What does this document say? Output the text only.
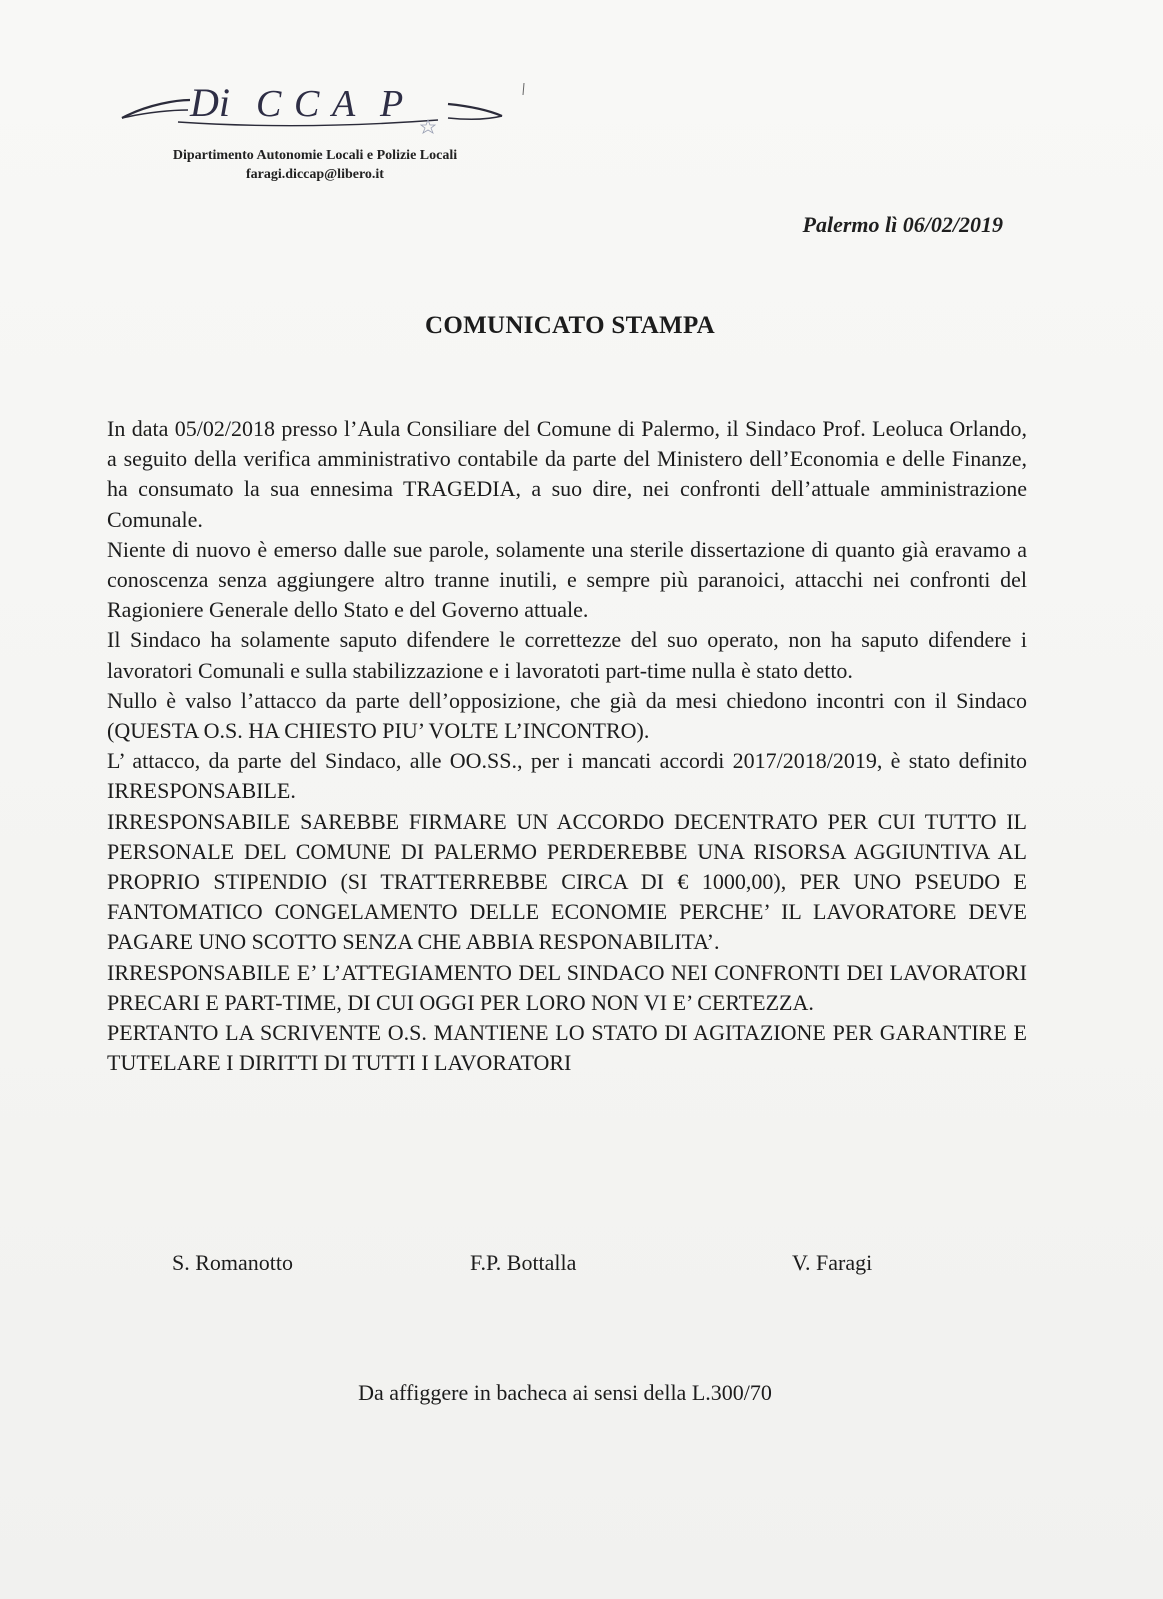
Di C C A P
Dipartimento Autonomie Locali e Polizie Locali
faragi.diccap@libero.it
Palermo lì 06/02/2019
COMUNICATO STAMPA

In data 05/02/2018 presso l’Aula Consiliare del Comune di Palermo, il Sindaco Prof. Leoluca Orlando, a seguito della verifica amministrativo contabile da parte del Ministero dell’Economia e delle Finanze, ha consumato la sua ennesima TRAGEDIA, a suo dire, nei confronti dell’attuale amministrazione Comunale.

Niente di nuovo è emerso dalle sue parole, solamente una sterile dissertazione di quanto già eravamo a conoscenza senza aggiungere altro tranne inutili, e sempre più paranoici, attacchi nei confronti del Ragioniere Generale dello Stato e del Governo attuale.

Il Sindaco ha solamente saputo difendere le correttezze del suo operato, non ha saputo difendere i lavoratori Comunali e sulla stabilizzazione e i lavoratoti part-time nulla è stato detto.

Nullo è valso l’attacco da parte dell’opposizione, che già da mesi chiedono incontri con il Sindaco (QUESTA O.S. HA CHIESTO PIU’ VOLTE L’INCONTRO).

L’ attacco, da parte del Sindaco, alle OO.SS., per i mancati accordi 2017/2018/2019, è stato definito IRRESPONSABILE.

IRRESPONSABILE SAREBBE FIRMARE UN ACCORDO DECENTRATO PER CUI TUTTO IL PERSONALE DEL COMUNE DI PALERMO PERDEREBBE UNA RISORSA AGGIUNTIVA AL PROPRIO STIPENDIO (SI TRATTERREBBE CIRCA DI € 1000,00), PER UNO PSEUDO E FANTOMATICO CONGELAMENTO DELLE ECONOMIE PERCHE’ IL LAVORATORE DEVE PAGARE UNO SCOTTO SENZA CHE ABBIA RESPONABILITA’.

IRRESPONSABILE E’ L’ATTEGIAMENTO DEL SINDACO NEI CONFRONTI DEI LAVORATORI PRECARI E PART-TIME, DI CUI OGGI PER LORO NON VI E’ CERTEZZA.

PERTANTO LA SCRIVENTE O.S. MANTIENE LO STATO DI AGITAZIONE PER GARANTIRE E TUTELARE I DIRITTI DI TUTTI I LAVORATORI

S. Romanotto	F.P. Bottalla	V. Faragi
Da affiggere in bacheca ai sensi della L.300/70
